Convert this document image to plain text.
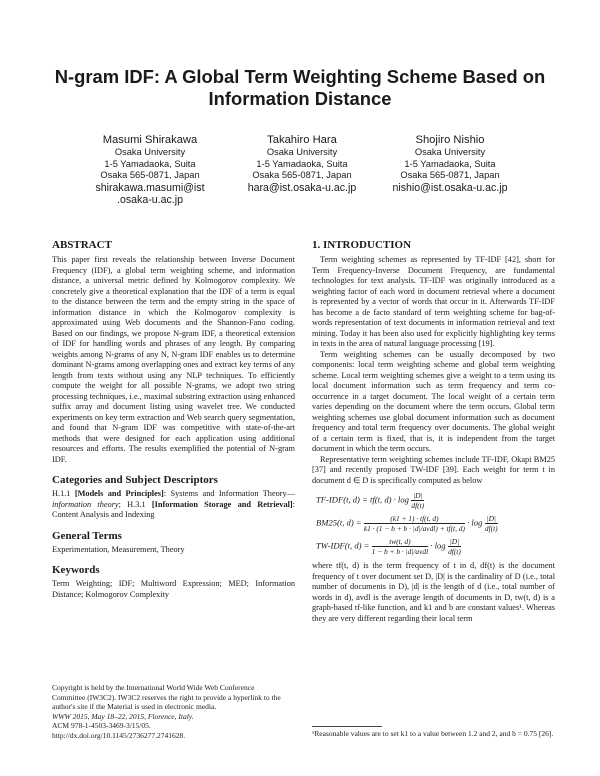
N-gram IDF: A Global Term Weighting Scheme Based on Information Distance
Masumi Shirakawa
Osaka University
1-5 Yamadaoka, Suita
Osaka 565-0871, Japan
shirakawa.masumi@ist
.osaka-u.ac.jp
Takahiro Hara
Osaka University
1-5 Yamadaoka, Suita
Osaka 565-0871, Japan
hara@ist.osaka-u.ac.jp
Shojiro Nishio
Osaka University
1-5 Yamadaoka, Suita
Osaka 565-0871, Japan
nishio@ist.osaka-u.ac.jp
ABSTRACT

This paper first reveals the relationship between Inverse Document Frequency (IDF), a global term weighting scheme, and information distance, a universal metric defined by Kolmogorov complexity. We concretely give a theoretical explanation that the IDF of a term is equal to the distance between the term and the empty string in the space of information distance in which the Kolmogorov complexity is approximated using Web documents and the Shannon-Fano coding. Based on our findings, we propose N-gram IDF, a theoretical extension of IDF for handling words and phrases of any length. By comparing weights among N-grams of any N, N-gram IDF enables us to determine dominant N-grams among overlapping ones and extract key terms of any length from texts without using any NLP techniques. To efficiently compute the weight for all possible N-grams, we adopt two string processing techniques, i.e., maximal substring extraction using enhanced suffix array and document listing using wavelet tree. We conducted experiments on key term extraction and Web search query segmentation, and found that N-gram IDF was competitive with state-of-the-art methods that were designed for each application using additional resources and efforts. The results exemplified the potential of N-gram IDF.

Categories and Subject Descriptors

H.1.1 [Models and Principles]: Systems and Information Theory—information theory; H.3.1 [Information Storage and Retrieval]: Content Analysis and Indexing

General Terms

Experimentation, Measurement, Theory

Keywords

Term Weighting; IDF; Multiword Expression; MED; Information Distance; Kolmogorov Complexity

Copyright is held by the International World Wide Web Conference Committee (IW3C2). IW3C2 reserves the right to provide a hyperlink to the author's site if the Material is used in electronic media.
WWW 2015, May 18–22, 2015, Florence, Italy.
ACM 978-1-4503-3469-3/15/05.
http://dx.doi.org/10.1145/2736277.2741628.
1. INTRODUCTION

Term weighting schemes as represented by TF-IDF [42], short for Term Frequency-Inverse Document Frequency, are fundamental technologies for text analysis. TF-IDF was originally introduced as a weighting factor of each word in document retrieval where a document is represented by a vector of words that occur in it. Afterwards TF-IDF has become a de facto standard of term weighting scheme for bag-of-words representation of text documents in information retrieval and text mining. Today it has been also used for explicitly highlighting key terms in texts in the area of natural language processing [19].

Term weighting schemes can be usually decomposed by two components: local term weighting scheme and global term weighting scheme. Local term weighting schemes give a weight to a term using its local document information such as term frequency and term co-occurrence in a target document. The local weight of a certain term varies depending on the document where the term occurs. Global term weighting schemes use global document information such as document frequency and total term frequency over documents. The global weight of a certain term is fixed, that is, it is independent from the target document in which the term occurs.

Representative term weighting schemes include TF-IDF, Okapi BM25 [37] and recently proposed TW-IDF [39]. Each weight for term t in document d ∈ D is specifically computed as below

TF-IDF(t, d) = tf(t, $d) \cdot \log \frac{|D|}{df(t)}$
BM25(t, $d) = \frac{(k1 + 1) \cdot tf(t, d)}{\text{k1 · (1 − b + b · |d|/avdl) + tf(t, d)}} \cdot \log \frac{|D|}{df(t)}$
TW-IDF(t, $d) = \frac{tw(t, d)}{\text{1 − b + b · |d|/avdl}} \cdot \log \frac{|D|}{df(t)}$

where tf(t, d) is the term frequency of t in d, df(t) is the document frequency of t over document set D, |D| is the cardinality of D (i.e., total number of documents in D), |d| is the length of d (i.e., total number of words in d), avdl is the average length of documents in D, tw(t, d) is a graph-based tf-like function, and k1 and b are constant values¹. Whereas they are very different regarding their local term

¹Reasonable values are to set k1 to a value between 1.2 and 2, and b = 0.75 [26].
